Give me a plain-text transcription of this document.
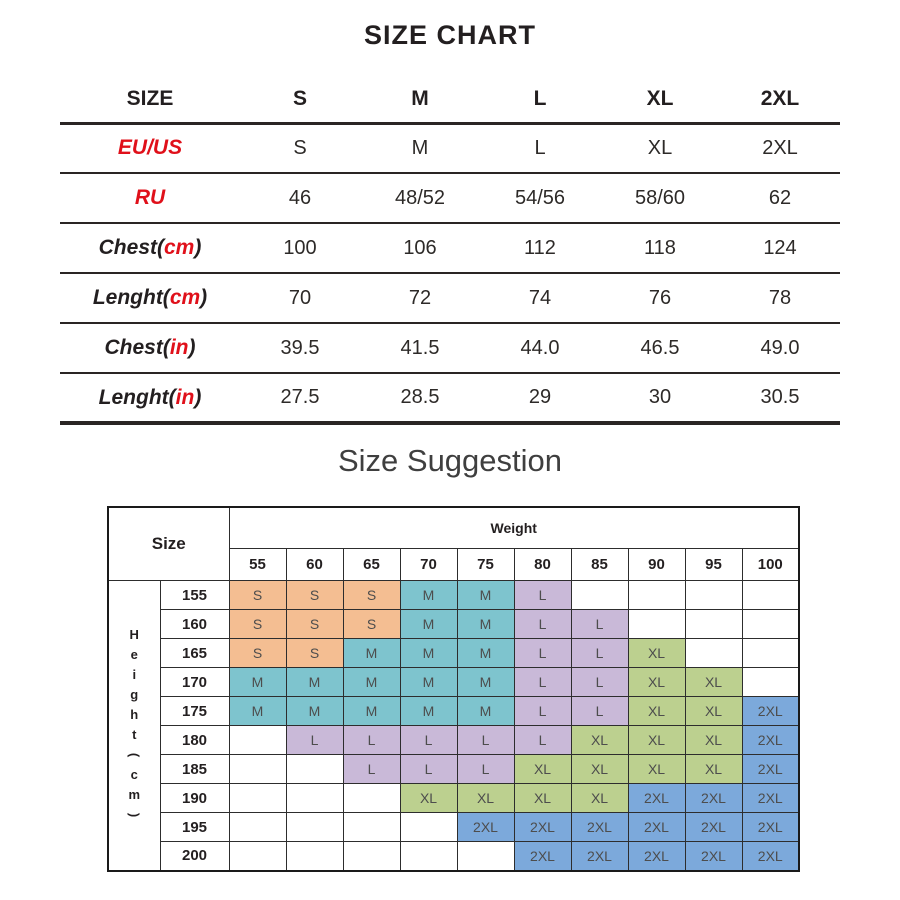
SIZE CHART
SIZE	S	M	L	XL	2XL
EU/US	S	M	L	XL	2XL
RU	46	48/52	54/56	58/60	62
Chest(cm)	100	106	112	118	124
Lenght(cm)	70	72	74	76	78
Chest(in)	39.5	41.5	44.0	46.5	49.0
Lenght(in)	27.5	28.5	29	30	30.5
Size Suggestion
Size		Weight									
		55	60	65	70	75	80	85	90	95	100

H
e
i
g
h
t
(
c
m
)
	155	S	S	S	M	M	L				
	160	S	S	S	M	M	L	L			
	165	S	S	M	M	M	L	L	XL		
	170	M	M	M	M	M	L	L	XL	XL	
	175	M	M	M	M	M	L	L	XL	XL	2XL
	180		L	L	L	L	L	XL	XL	XL	2XL
	185			L	L	L	XL	XL	XL	XL	2XL
	190				XL	XL	XL	XL	2XL	2XL	2XL
	195					2XL	2XL	2XL	2XL	2XL	2XL
	200						2XL	2XL	2XL	2XL	2XL
